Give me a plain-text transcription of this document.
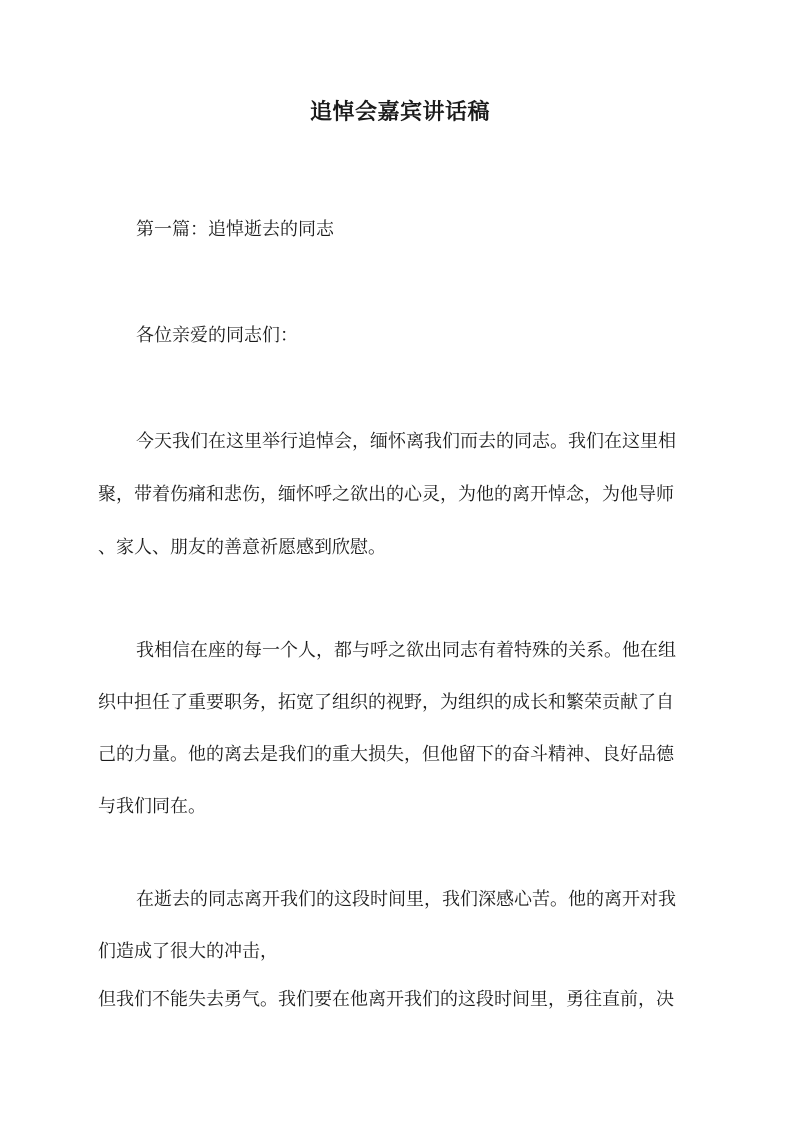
追悼会嘉宾讲话稿
第一篇：追悼逝去的同志
各位亲爱的同志们：
今天我们在这里举行追悼会，缅怀离我们而去的同志。我们在这里相
聚，带着伤痛和悲伤，缅怀呼之欲出的心灵，为他的离开悼念，为他导师
、家人、朋友的善意祈愿感到欣慰。
我相信在座的每一个人，都与呼之欲出同志有着特殊的关系。他在组
织中担任了重要职务，拓宽了组织的视野，为组织的成长和繁荣贡献了自
己的力量。他的离去是我们的重大损失，但他留下的奋斗精神、良好品德
与我们同在。
在逝去的同志离开我们的这段时间里，我们深感心苦。他的离开对我
们造成了很大的冲击，
但我们不能失去勇气。我们要在他离开我们的这段时间里，勇往直前，决
